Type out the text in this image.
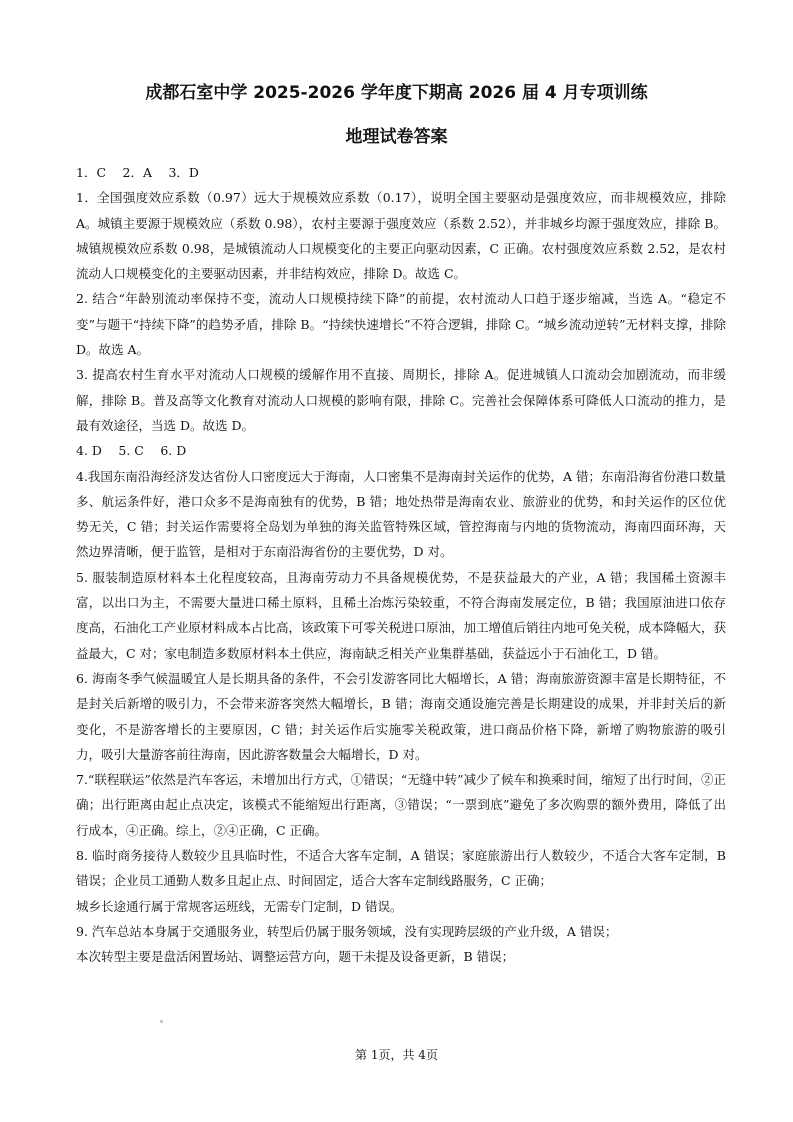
成都石室中学 2025-2026 学年度下期高 2026 届 4 月专项训练
地理试卷答案

1．C　 2．A　 3．D

1．全国强度效应系数（0.97）远大于规模效应系数（0.17），说明全国主要驱动是强度效应，而非规模效应，排除 A。城镇主要源于规模效应（系数 0.98），农村主要源于强度效应（系数 2.52），并非城乡均源于强度效应，排除 B。城镇规模效应系数 0.98，是城镇流动人口规模变化的主要正向驱动因素，C 正确。农村强度效应系数 2.52，是农村流动人口规模变化的主要驱动因素，并非结构效应，排除 D。故选 C。

2. 结合“年龄别流动率保持不变，流动人口规模持续下降”的前提，农村流动人口趋于逐步缩减，当选 A。“稳定不变”与题干“持续下降”的趋势矛盾，排除 B。“持续快速增长”不符合逻辑，排除 C。“城乡流动逆转”无材料支撑，排除 D。故选 A。

3. 提高农村生育水平对流动人口规模的缓解作用不直接、周期长，排除 A。促进城镇人口流动会加剧流动，而非缓解，排除 B。普及高等文化教育对流动人口规模的影响有限，排除 C。完善社会保障体系可降低人口流动的推力，是最有效途径，当选 D。故选 D。

4. D　 5. C　 6. D

4.我国东南沿海经济发达省份人口密度远大于海南，人口密集不是海南封关运作的优势，A 错；东南沿海省份港口数量多、航运条件好，港口众多不是海南独有的优势，B 错；地处热带是海南农业、旅游业的优势，和封关运作的区位优势无关，C 错；封关运作需要将全岛划为单独的海关监管特殊区域，管控海南与内地的货物流动，海南四面环海，天然边界清晰，便于监管，是相对于东南沿海省份的主要优势，D 对。

5. 服装制造原材料本土化程度较高，且海南劳动力不具备规模优势，不是获益最大的产业，A 错；我国稀土资源丰富，以出口为主，不需要大量进口稀土原料，且稀土冶炼污染较重，不符合海南发展定位，B 错；我国原油进口依存度高，石油化工产业原材料成本占比高，该政策下可零关税进口原油，加工增值后销往内地可免关税，成本降幅大，获益最大，C 对；家电制造多数原材料本土供应，海南缺乏相关产业集群基础，获益远小于石油化工，D 错。

6. 海南冬季气候温暖宜人是长期具备的条件，不会引发游客同比大幅增长，A 错；海南旅游资源丰富是长期特征，不是封关后新增的吸引力，不会带来游客突然大幅增长，B 错；海南交通设施完善是长期建设的成果，并非封关后的新变化，不是游客增长的主要原因，C 错；封关运作后实施零关税政策，进口商品价格下降，新增了购物旅游的吸引力，吸引大量游客前往海南，因此游客数量会大幅增长，D 对。

7.“联程联运”依然是汽车客运，未增加出行方式，①错误；“无缝中转”减少了候车和换乘时间，缩短了出行时间，②正确；出行距离由起止点决定，该模式不能缩短出行距离，③错误；“一票到底”避免了多次购票的额外费用，降低了出行成本，④正确。综上，②④正确，C 正确。

8. 临时商务接待人数较少且具临时性，不适合大客车定制，A 错误；家庭旅游出行人数较少，不适合大客车定制，B 错误；企业员工通勤人数多且起止点、时间固定，适合大客车定制线路服务，C 正确；

城乡长途通行属于常规客运班线，无需专门定制，D 错误。

9. 汽车总站本身属于交通服务业，转型后仍属于服务领域，没有实现跨层级的产业升级，A 错误；

本次转型主要是盘活闲置场站、调整运营方向，题干未提及设备更新，B 错误；

第 1页，共 4页
